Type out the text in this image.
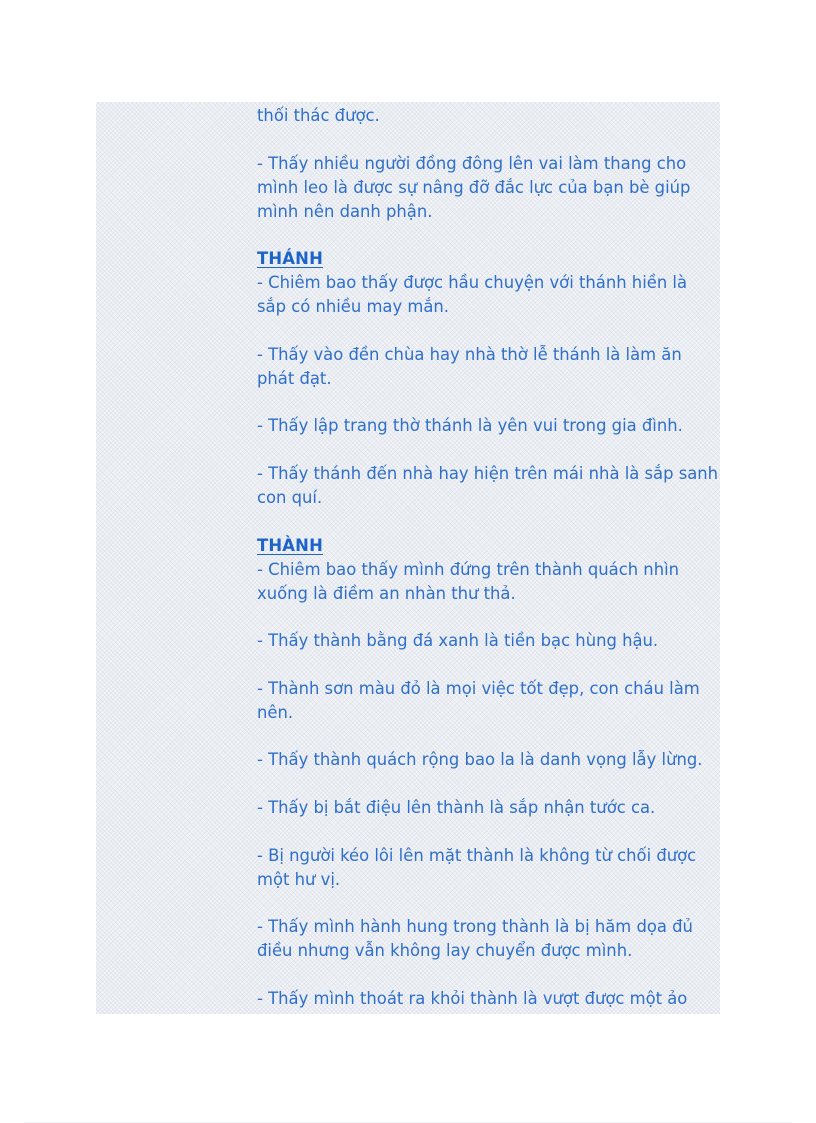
thối thác được.
- Thấy nhiều người đồng đông lên vai làm thang cho
mình leo là được sự nâng đỡ đắc lực của bạn bè giúp
mình nên danh phận.
THÁNH
- Chiêm bao thấy được hầu chuyện với thánh hiền là
sắp có nhiều may mắn.
- Thấy vào đền chùa hay nhà thờ lễ thánh là làm ăn
phát đạt.
- Thấy lập trang thờ thánh là yên vui trong gia đình.
- Thấy thánh đến nhà hay hiện trên mái nhà là sắp sanh
con quí.
THÀNH
- Chiêm bao thấy mình đứng trên thành quách nhìn
xuống là điềm an nhàn thư thả.
- Thấy thành bằng đá xanh là tiền bạc hùng hậu.
- Thành sơn màu đỏ là mọi việc tốt đẹp, con cháu làm
nên.
- Thấy thành quách rộng bao la là danh vọng lẫy lừng.
- Thấy bị bắt điệu lên thành là sắp nhận tước ca.
- Bị người kéo lôi lên mặt thành là không từ chối được
một hư vị.
- Thấy mình hành hung trong thành là bị hăm dọa đủ
điều nhưng vẫn không lay chuyển được mình.
- Thấy mình thoát ra khỏi thành là vượt được một ảo
